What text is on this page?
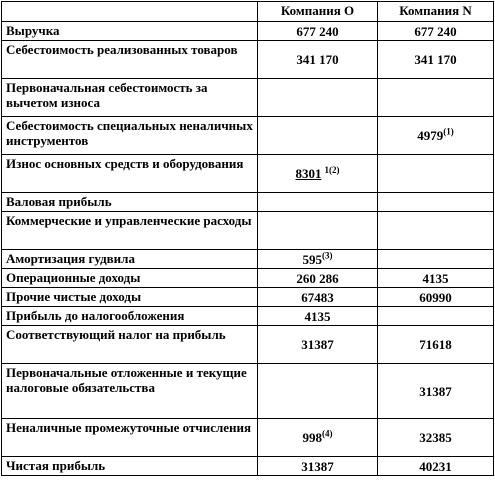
	Компания O	Компания N
Выручка	677 240	677 240
Себестоимость реализованных товаров	341 170	341 170
Первоначальная себестоимость за вычетом износа		
Себестоимость специальных неналичных инструментов		4979$^{(1)}$
Износ основных средств и оборудования	8301 $^{1(2)}$	
Валовая прибыль		
Коммерческие и управленческие расходы		
Амортизация гудвила	595$^{(3)}$	
Операционные доходы	260 286	4135
Прочие чистые доходы	67483	60990
Прибыль до налогообложения	4135	
Соответствующий налог на прибыль	31387	71618
Первоначальные отложенные и текущие налоговые обязательства		31387
Неналичные промежуточные отчисления	998$^{(4)}$	32385
Чистая прибыль	31387	40231
